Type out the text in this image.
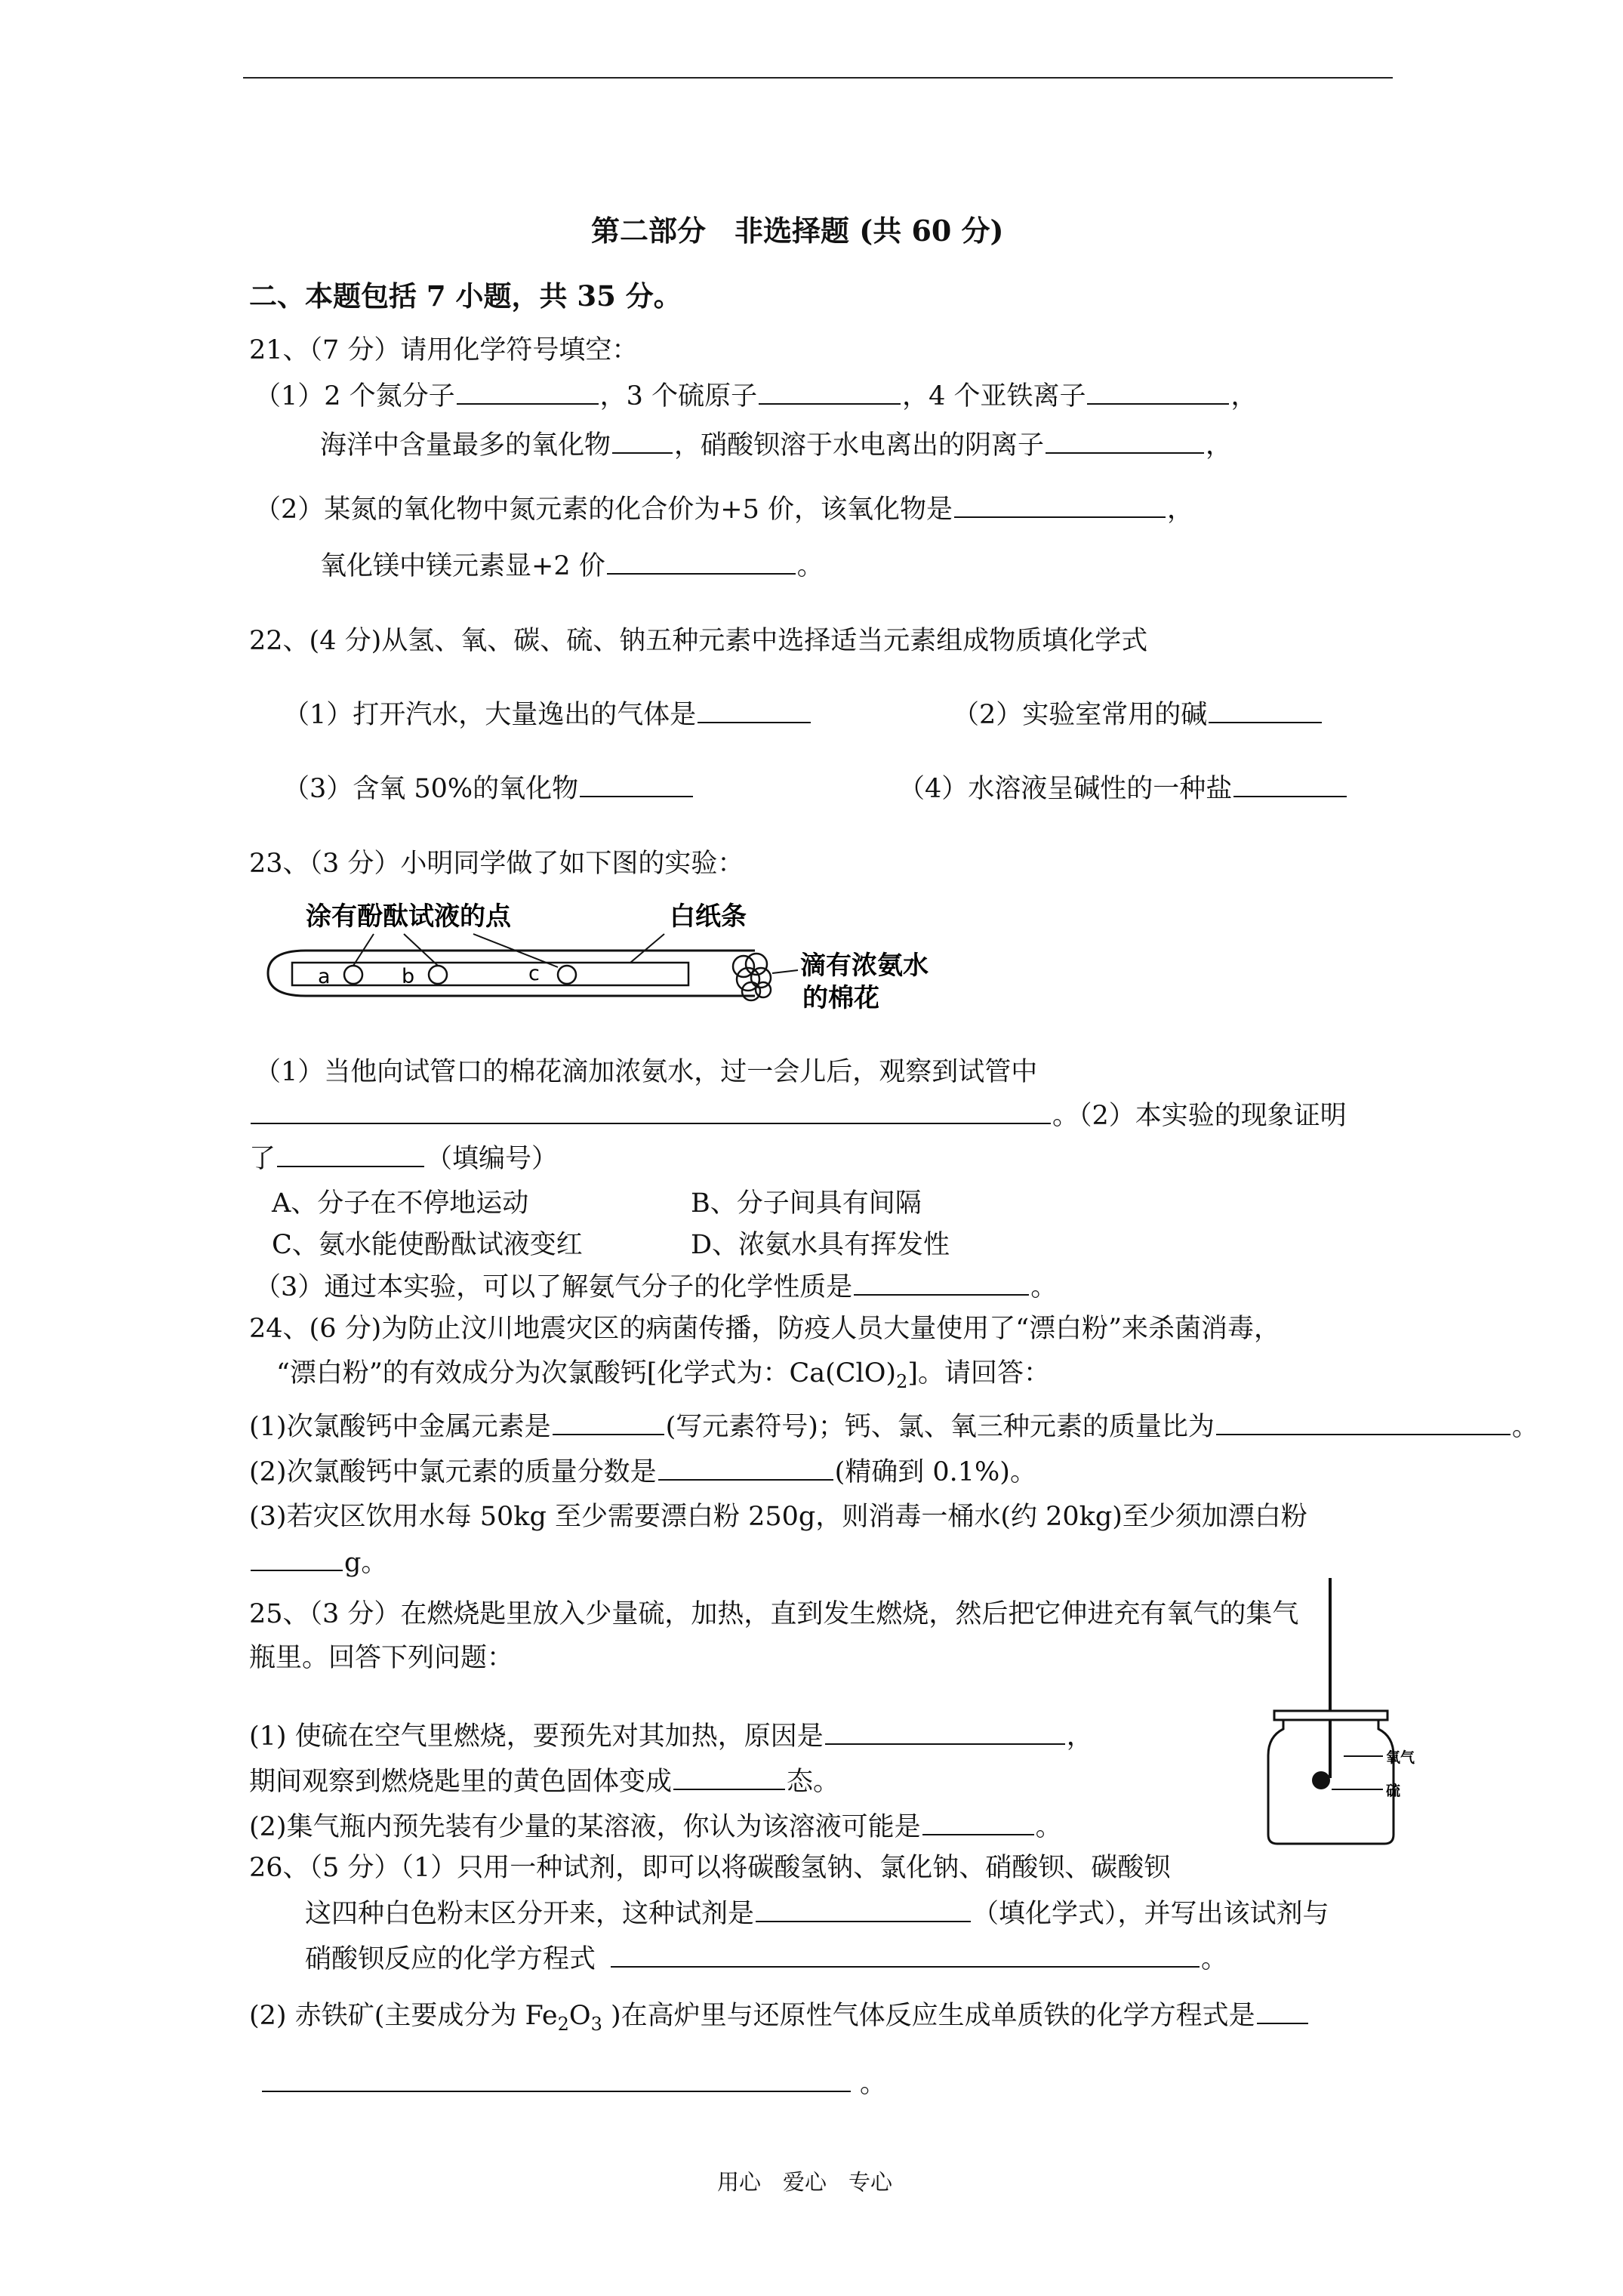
第二部分　非选择题 (共 60 分)
二、本题包括 7 小题，共 35 分。
21、（7 分）请用化学符号填空：
（1）2 个氮分子	，3 个硫原子	，4 个亚铁离子	，
海洋中含量最多的氧化物 ，硝酸钡溶于水电离出的阴离子	，
（2）某氮的氧化物中氮元素的化合价为+5 价，该氧化物是	，
氧化镁中镁元素显+2 价	。
22、(4 分)从氢、氧、碳、硫、钠五种元素中选择适当元素组成物质填化学式
（1）打开汽水，大量逸出的气体是	（2）实验室常用的碱
（3）含氧 50%的氧化物	（4）水溶液呈碱性的一种盐
23、（3 分）小明同学做了如下图的实验：
a	b	c
涂有酚酞试液的点	白纸条
滴有浓氨水
的棉花
（1）当他向试管口的棉花滴加浓氨水，过一会儿后，观察到试管中
。（2）本实验的现象证明
了	（填编号）
A、分子在不停地运动	B、分子间具有间隔
C、氨水能使酚酞试液变红	D、浓氨水具有挥发性
（3）通过本实验，可以了解氨气分子的化学性质是	。
24、(6 分)为防止汶川地震灾区的病菌传播，防疫人员大量使用了“漂白粉”来杀菌消毒，
“漂白粉”的有效成分为次氯酸钙[化学式为：$Ca(ClO)_2$]。请回答：
(1)次氯酸钙中金属元素是	(写元素符号)；钙、氯、氧三种元素的质量比为	。
(2)次氯酸钙中氯元素的质量分数是	(精确到 0.1%)。
(3)若灾区饮用水每 50kg 至少需要漂白粉 250g，则消毒一桶水(约 20kg)至少须加漂白粉
g。
25、（3 分）在燃烧匙里放入少量硫，加热，直到发生燃烧，然后把它伸进充有氧气的集气
瓶里。回答下列问题：
(1) 使硫在空气里燃烧，要预先对其加热，原因是	，
期间观察到燃烧匙里的黄色固体变成	态。
(2)集气瓶内预先装有少量的某溶液，你认为该溶液可能是	。
氧气
硫
26、（5 分）（1）只用一种试剂，即可以将碳酸氢钠、氯化钠、硝酸钡、碳酸钡
这四种白色粉末区分开来，这种试剂是	（填化学式），并写出该试剂与
硝酸钡反应的化学方程式	。
(2) 赤铁矿(主要成分为 $Fe_2O_3$ )在高炉里与还原性气体反应生成单质铁的化学方程式是
。
用心　爱心　专心
